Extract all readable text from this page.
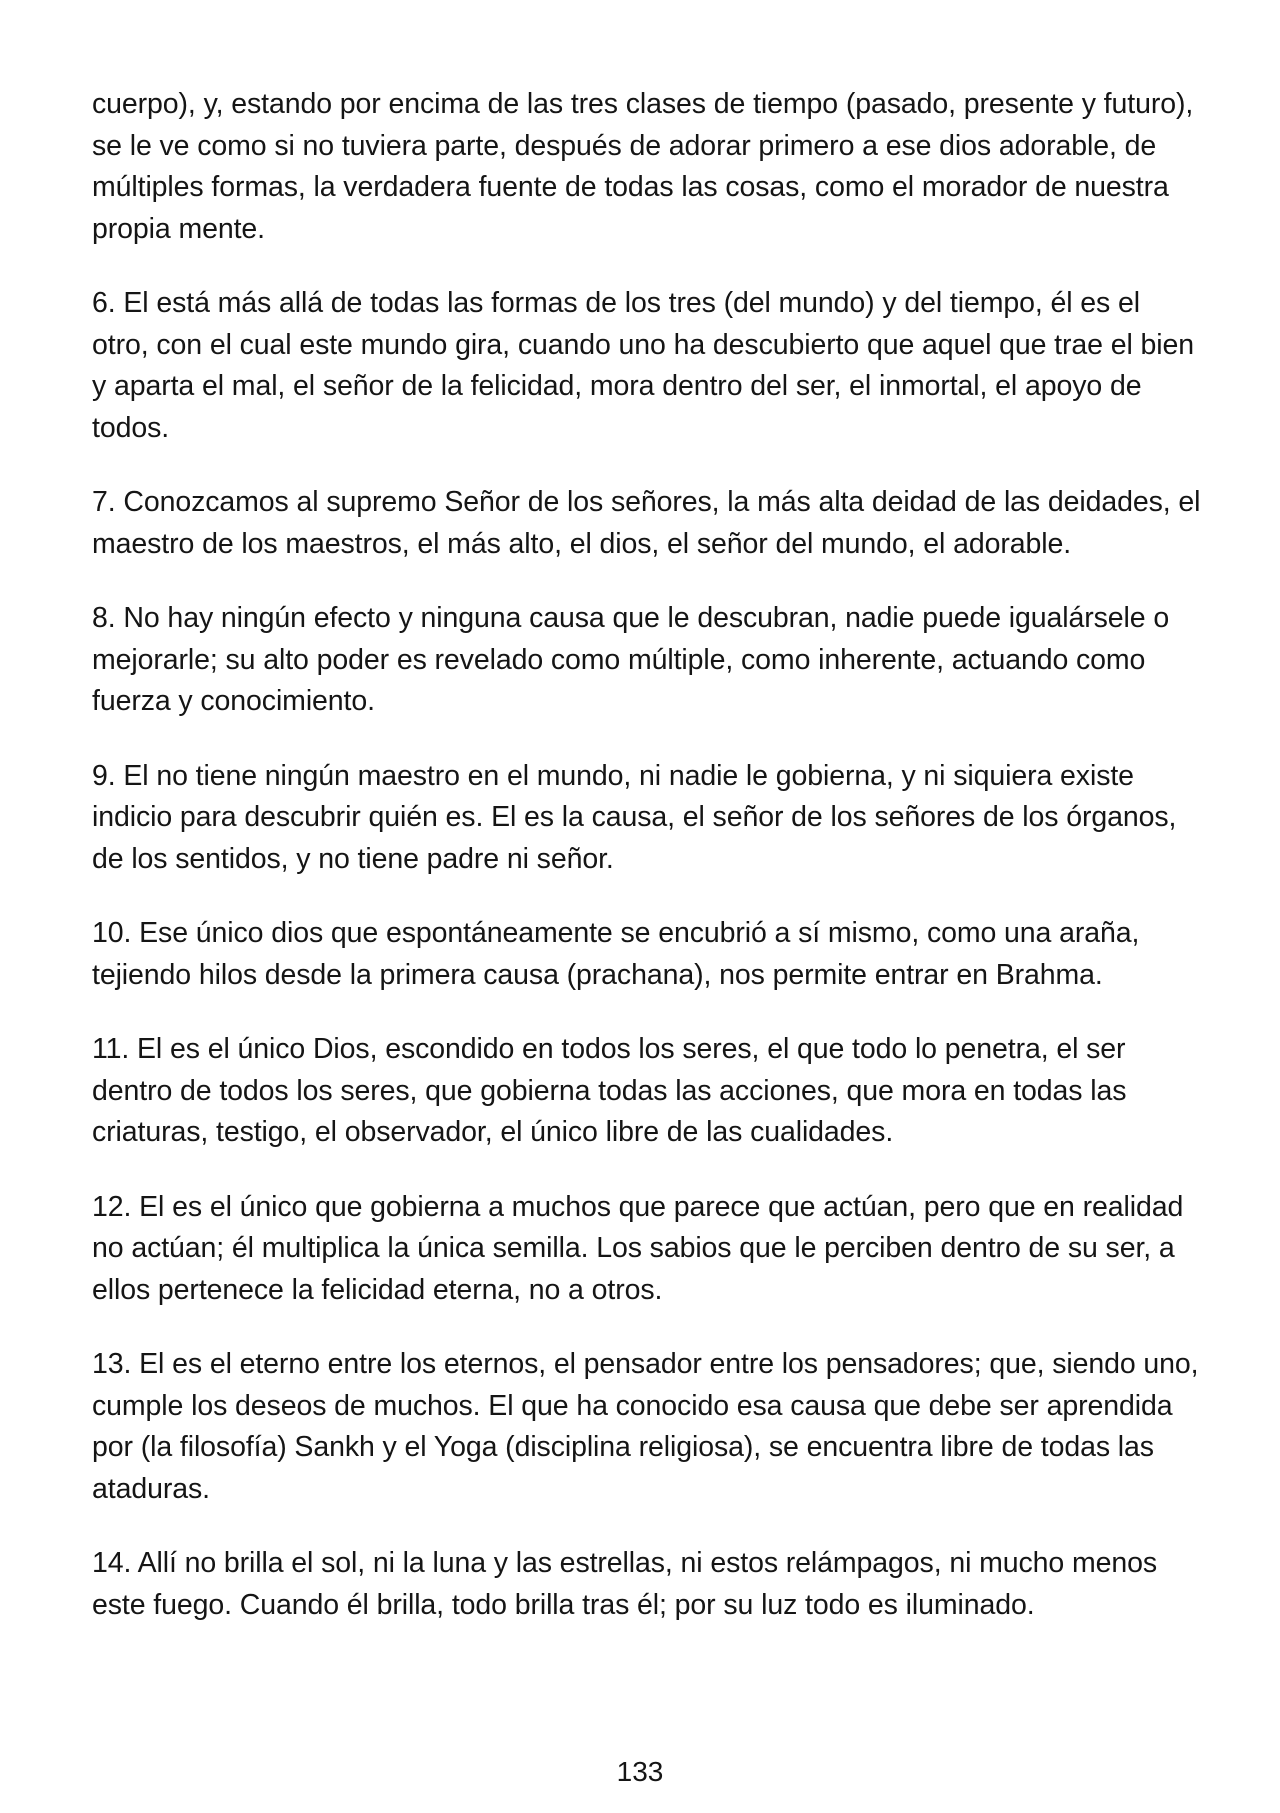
cuerpo), y, estando por encima de las tres clases de tiempo (pasado, presente y futuro), se le ve como si no tuviera parte, después de adorar primero a ese dios adorable, de múltiples formas, la verdadera fuente de todas las cosas, como el morador de nuestra propia mente.

6. El está más allá de todas las formas de los tres (del mundo) y del tiempo, él es el otro, con el cual este mundo gira, cuando uno ha descubierto que aquel que trae el bien y aparta el mal, el señor de la felicidad, mora dentro del ser, el inmortal, el apoyo de todos.

7. Conozcamos al supremo Señor de los señores, la más alta deidad de las deidades, el maestro de los maestros, el más alto, el dios, el señor del mundo, el adorable.

8. No hay ningún efecto y ninguna causa que le descubran, nadie puede igualársele o mejorarle; su alto poder es revelado como múltiple, como inherente, actuando como fuerza y conocimiento.

9. El no tiene ningún maestro en el mundo, ni nadie le gobierna, y ni siquiera existe indicio para descubrir quién es. El es la causa, el señor de los señores de los órganos, de los sentidos, y no tiene padre ni señor.

10. Ese único dios que espontáneamente se encubrió a sí mismo, como una araña, tejiendo hilos desde la primera causa (prachana), nos permite entrar en Brahma.

11. El es el único Dios, escondido en todos los seres, el que todo lo penetra, el ser dentro de todos los seres, que gobierna todas las acciones, que mora en todas las criaturas, testigo, el observador, el único libre de las cualidades.

12. El es el único que gobierna a muchos que parece que actúan, pero que en realidad no actúan; él multiplica la única semilla. Los sabios que le perciben dentro de su ser, a ellos pertenece la felicidad eterna, no a otros.

13. El es el eterno entre los eternos, el pensador entre los pensadores; que, siendo uno, cumple los deseos de muchos. El que ha conocido esa causa que debe ser aprendida por (la filosofía) Sankh y el Yoga (disciplina religiosa), se encuentra libre de todas las ataduras.

14. Allí no brilla el sol, ni la luna y las estrellas, ni estos relámpagos, ni mucho menos este fuego. Cuando él brilla, todo brilla tras él; por su luz todo es iluminado.

133
